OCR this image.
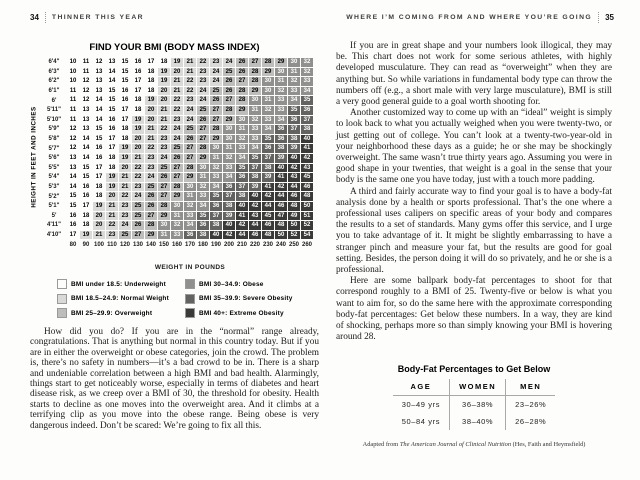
34 THINNER THIS YEAR
FIND YOUR BMI (BODY MASS INDEX)
HEIGHT IN FEET AND INCHES
6'4"	10	11	12	13	15	16	17	18	19	21	22	23	24	26	27	28	29	30	32
6'3"	10	11	13	14	15	16	18	19	20	21	23	24	25	26	28	29	30	31	32
6'2"	10	12	13	14	15	17	18	19	21	22	23	24	26	27	28	30	31	32	33
6'1"	11	12	13	15	16	17	18	20	21	22	24	25	26	28	29	30	32	33	34
6'	11	12	14	15	16	18	19	20	22	23	24	26	27	28	30	31	33	34	35
5'11"	11	13	14	15	17	18	20	21	22	24	25	27	28	29	31	32	33	35	36
5'10"	11	13	14	16	17	19	20	21	23	24	26	27	29	30	32	33	34	36	37
5'9"	12	13	15	16	18	19	21	22	24	25	27	28	30	31	33	34	36	37	38
5'8"	12	14	15	17	18	20	21	23	24	26	27	29	30	32	33	35	36	38	40
5'7"	12	14	16	17	19	20	22	23	25	27	28	30	31	33	34	36	38	39	41
5'6"	13	14	16	18	19	21	23	24	26	27	29	31	32	34	35	37	39	40	42
5'5"	13	15	17	18	20	22	23	25	27	28	30	32	33	35	37	38	40	42	43
5'4"	14	15	17	19	21	22	24	26	27	29	31	33	34	36	38	39	41	43	45
5'3"	14	16	18	19	21	23	25	27	28	30	32	34	36	37	39	41	42	44	46
5'2"	15	16	18	20	22	24	26	27	29	31	33	35	37	38	40	42	44	46	48
5'1"	15	17	19	21	23	25	26	28	30	32	34	36	38	40	42	44	46	48	50
5'	16	18	20	21	23	25	27	29	31	33	35	37	39	41	43	45	47	49	51
4'11"	16	18	20	22	24	26	28	30	32	34	36	38	40	42	44	46	48	50	52
4'10"	17	19	21	23	25	27	29	31	33	36	38	40	42	44	46	48	50	52	54
	80	90	100	110	120	130	140	150	160	170	180	190	200	210	220	230	240	250	260
WEIGHT IN POUNDS
BMI under 18.5: Underweight
BMI 18.5–24.9: Normal Weight
BMI 25–29.9: Overweight
BMI 30–34.9: Obese
BMI 35–39.9: Severe Obesity
BMI 40+: Extreme Obesity

How did you do? If you are in the “normal” range already, congratulations. That is anything but normal in this country today. But if you are in either the overweight or obese categories, join the crowd. The problem is, there’s no safety in numbers—it’s a bad crowd to be in. There is a sharp and undeniable correlation between a high BMI and bad health. Alarmingly, things start to get noticeably worse, especially in terms of diabetes and heart disease risk, as we creep over a BMI of 30, the threshold for obesity. Health starts to decline as one moves into the overweight area. And it climbs at a terrifying clip as you move into the obese range. Being obese is very dangerous indeed. Don’t be scared: We’re going to fix all this.

WHERE I’M COMING FROM AND WHERE YOU’RE GOING 35

If you are in great shape and your numbers look illogical, they may be. This chart does not work for some serious athletes, with highly developed musculature. They can read as “overweight” when they are anything but. So while variations in fundamental body type can throw the numbers off (e.g., a short male with very large musculature), BMI is still a very good general guide to a goal worth shooting for.

Another customized way to come up with an “ideal” weight is simply to look back to what you actually weighed when you were twenty-two, or just getting out of college. You can’t look at a twenty-two-year-old in your neighborhood these days as a guide; he or she may be shockingly overweight. The same wasn’t true thirty years ago. Assuming you were in good shape in your twenties, that weight is a goal in the sense that your body is the same one you have today, just with a touch more padding.

A third and fairly accurate way to find your goal is to have a body-fat analysis done by a health or sports professional. That’s the one where a professional uses calipers on specific areas of your body and compares the results to a set of standards. Many gyms offer this service, and I urge you to take advantage of it. It might be slightly embarrassing to have a stranger pinch and measure your fat, but the results are good for goal setting. Besides, the person doing it will do so privately, and he or she is a professional.

Here are some ballpark body-fat percentages to shoot for that correspond roughly to a BMI of 25. Twenty-five or below is what you want to aim for, so do the same here with the approximate corresponding body-fat percentages: Get below these numbers. In a way, they are kind of shocking, perhaps more so than simply knowing your BMI is hovering around 28.

Body-Fat Percentages to Get Below
AGE	WOMEN	MEN
30–49 yrs	36–38%	23–26%
50–84 yrs	38–40%	26–28%
Adapted from The American Journal of Clinical Nutrition (Hes, Faith and Heymsfield)
